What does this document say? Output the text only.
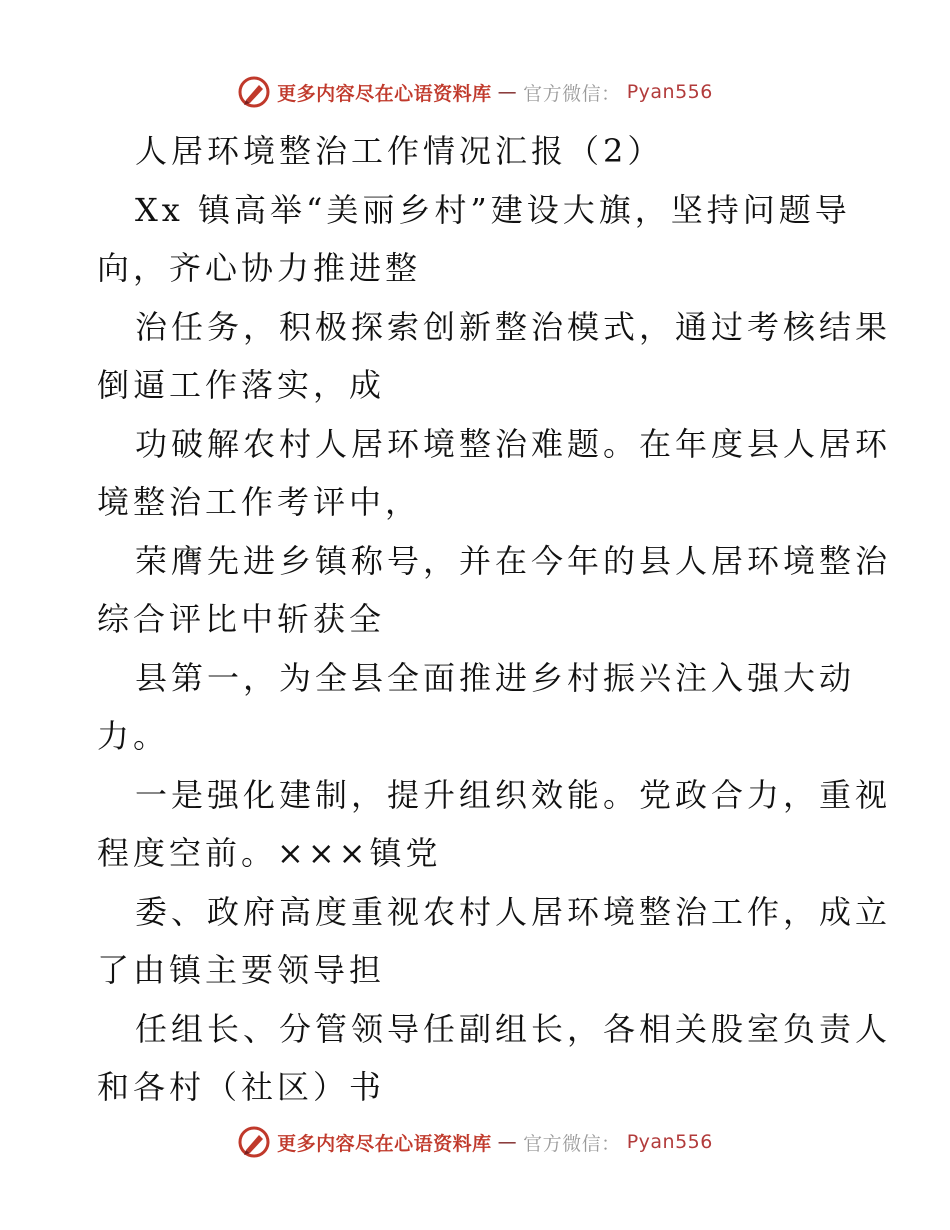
更多内容尽在心语资料库 — 官方微信： Pyan556
人居环境整治工作情况汇报（2）
Xx 镇高举“美丽乡村”建设大旗，坚持问题导
向，齐心协力推进整
治任务，积极探索创新整治模式，通过考核结果
倒逼工作落实，成
功破解农村人居环境整治难题。在年度县人居环
境整治工作考评中，
荣膺先进乡镇称号，并在今年的县人居环境整治
综合评比中斩获全
县第一，为全县全面推进乡村振兴注入强大动
力。
一是强化建制，提升组织效能。党政合力，重视
程度空前。×××镇党
委、政府高度重视农村人居环境整治工作，成立
了由镇主要领导担
任组长、分管领导任副组长，各相关股室负责人
和各村（社区）书
更多内容尽在心语资料库 — 官方微信： Pyan556
